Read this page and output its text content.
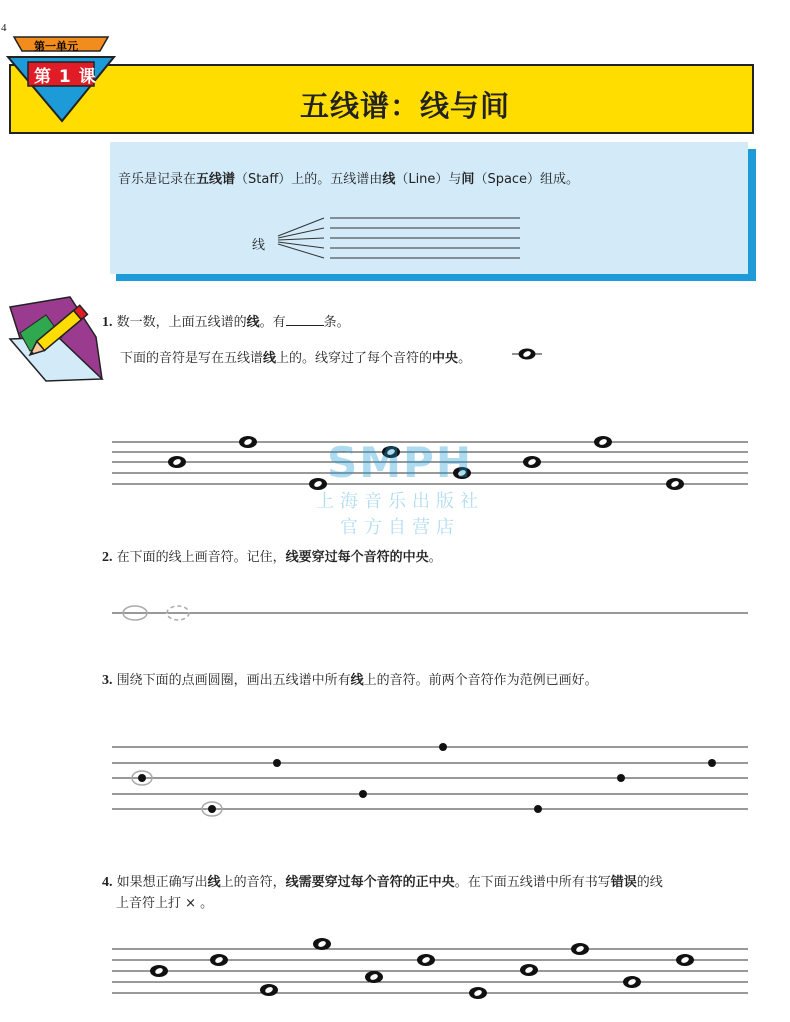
4
第一单元
第 1 课
五线谱：线与间
音乐是记录在五线谱（Staff）上的。五线谱由线（Line）与间（Space）组成。
线
1. 数一数，上面五线谱的线。有	条。
下面的音符是写在五线谱线上的。线穿过了每个音符的中央。
SMPH
上海音乐出版社
官方自营店
2. 在下面的线上画音符。记住，线要穿过每个音符的中央。
3. 围绕下面的点画圆圈，画出五线谱中所有线上的音符。前两个音符作为范例已画好。
4. 如果想正确写出线上的音符，线需要穿过每个音符的正中央。在下面五线谱中所有书写错误的线
上音符上打 × 。
